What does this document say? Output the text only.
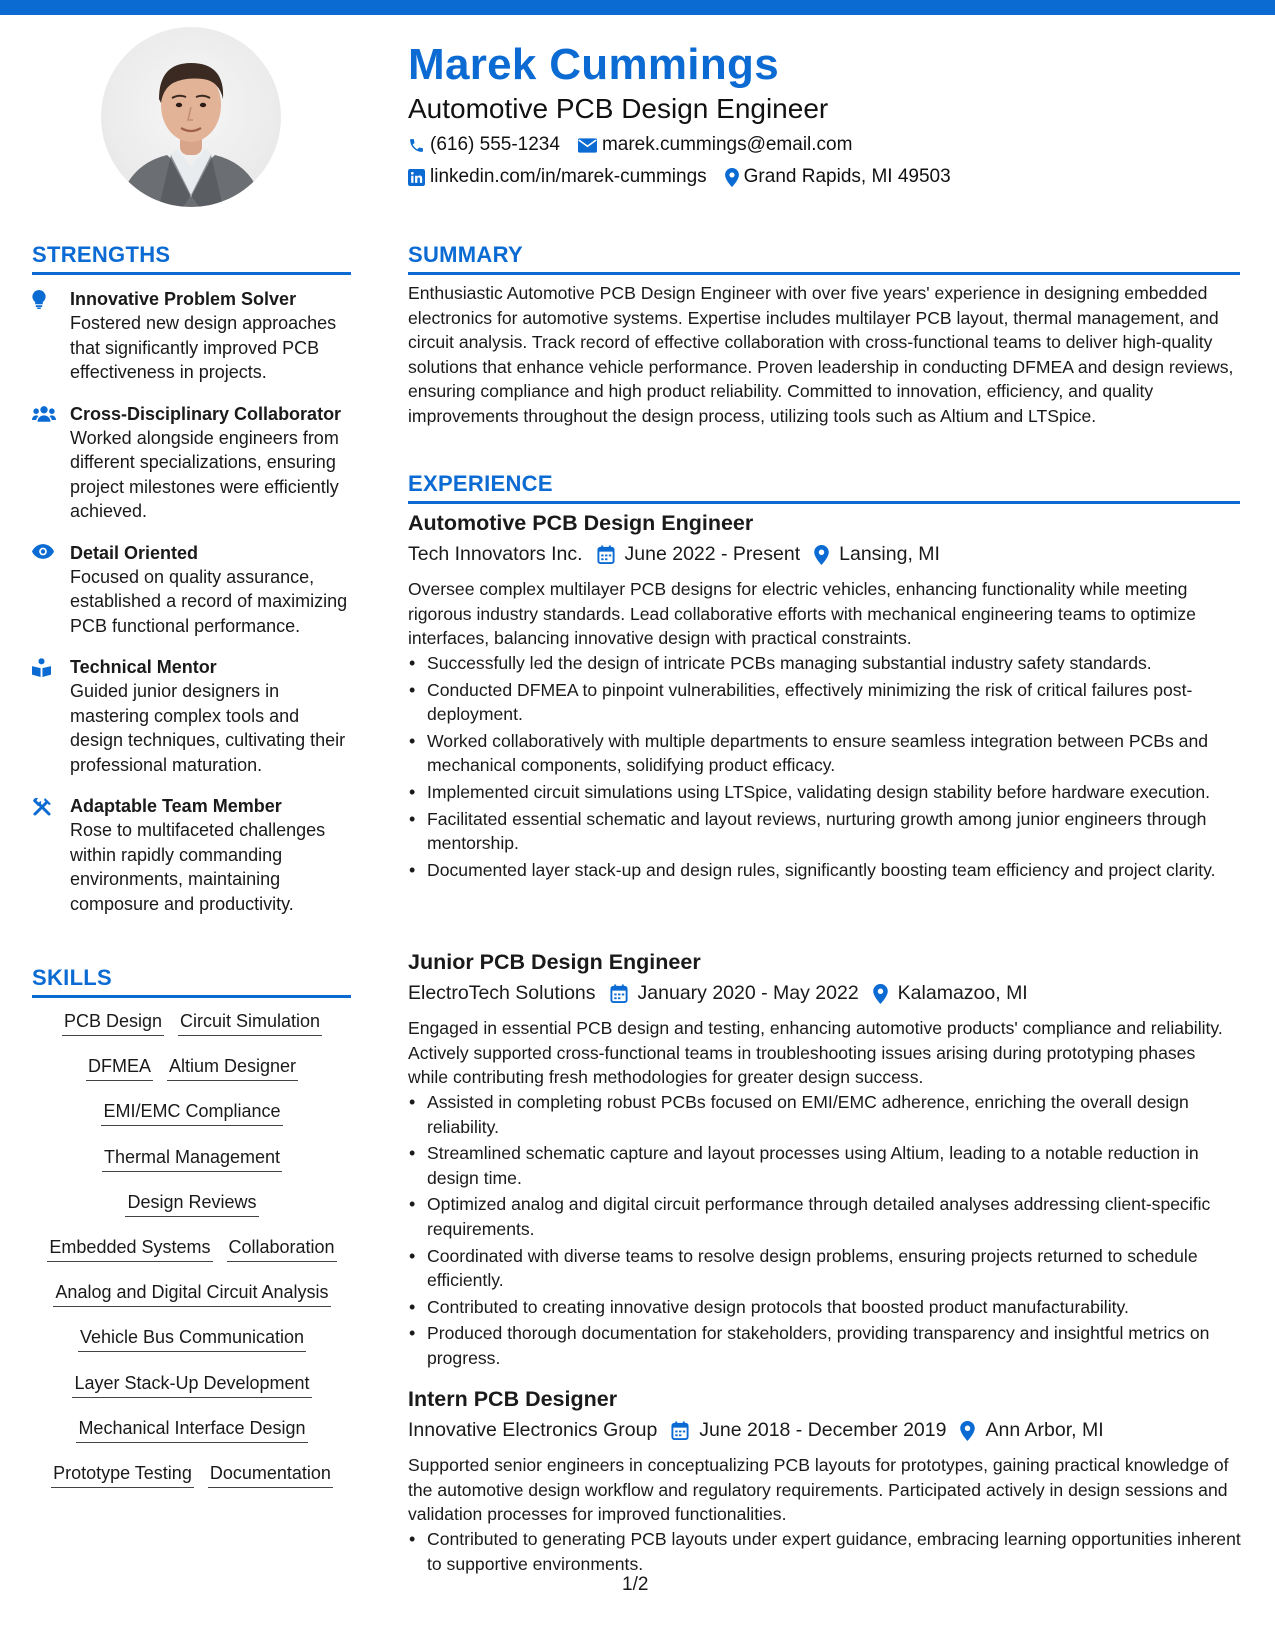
Marek Cummings
Automotive PCB Design Engineer
(616) 555-1234 marek.cummings@email.com
linkedin.com/in/marek-cummings Grand Rapids, MI 49503
STRENGTHS
Innovative Problem Solver
Fostered new design approaches that significantly improved PCB effectiveness in projects.
Cross-Disciplinary Collaborator
Worked alongside engineers from different specializations, ensuring project milestones were efficiently achieved.
Detail Oriented
Focused on quality assurance, established a record of maximizing PCB functional performance.
Technical Mentor
Guided junior designers in mastering complex tools and design techniques, cultivating their professional maturation.
Adaptable Team Member
Rose to multifaceted challenges within rapidly commanding environments, maintaining composure and productivity.
SKILLS
PCB Design Circuit Simulation
DFMEA Altium Designer
EMI/EMC Compliance
Thermal Management
Design Reviews
Embedded Systems Collaboration
Analog and Digital Circuit Analysis
Vehicle Bus Communication
Layer Stack-Up Development
Mechanical Interface Design
Prototype Testing Documentation
SUMMARY
Enthusiastic Automotive PCB Design Engineer with over five years' experience in designing embedded electronics for automotive systems. Expertise includes multilayer PCB layout, thermal management, and circuit analysis. Track record of effective collaboration with cross-functional teams to deliver high-quality solutions that enhance vehicle performance. Proven leadership in conducting DFMEA and design reviews, ensuring compliance and high product reliability. Committed to innovation, efficiency, and quality improvements throughout the design process, utilizing tools such as Altium and LTSpice.
EXPERIENCE
Automotive PCB Design Engineer
Tech Innovators Inc. June 2022 - Present Lansing, MI
Oversee complex multilayer PCB designs for electric vehicles, enhancing functionality while meeting rigorous industry standards. Lead collaborative efforts with mechanical engineering teams to optimize interfaces, balancing innovative design with practical constraints.
• Successfully led the design of intricate PCBs managing substantial industry safety standards.
• Conducted DFMEA to pinpoint vulnerabilities, effectively minimizing the risk of critical failures post-deployment.
• Worked collaboratively with multiple departments to ensure seamless integration between PCBs and mechanical components, solidifying product efficacy.
• Implemented circuit simulations using LTSpice, validating design stability before hardware execution.
• Facilitated essential schematic and layout reviews, nurturing growth among junior engineers through mentorship.
• Documented layer stack-up and design rules, significantly boosting team efficiency and project clarity.
Junior PCB Design Engineer
ElectroTech Solutions January 2020 - May 2022 Kalamazoo, MI
Engaged in essential PCB design and testing, enhancing automotive products' compliance and reliability. Actively supported cross-functional teams in troubleshooting issues arising during prototyping phases while contributing fresh methodologies for greater design success.
• Assisted in completing robust PCBs focused on EMI/EMC adherence, enriching the overall design reliability.
• Streamlined schematic capture and layout processes using Altium, leading to a notable reduction in design time.
• Optimized analog and digital circuit performance through detailed analyses addressing client-specific requirements.
• Coordinated with diverse teams to resolve design problems, ensuring projects returned to schedule efficiently.
• Contributed to creating innovative design protocols that boosted product manufacturability.
• Produced thorough documentation for stakeholders, providing transparency and insightful metrics on progress.
Intern PCB Designer
Innovative Electronics Group June 2018 - December 2019 Ann Arbor, MI
Supported senior engineers in conceptualizing PCB layouts for prototypes, gaining practical knowledge of the automotive design workflow and regulatory requirements. Participated actively in design sessions and validation processes for improved functionalities.
• Contributed to generating PCB layouts under expert guidance, embracing learning opportunities inherent to supportive environments.
1/2
